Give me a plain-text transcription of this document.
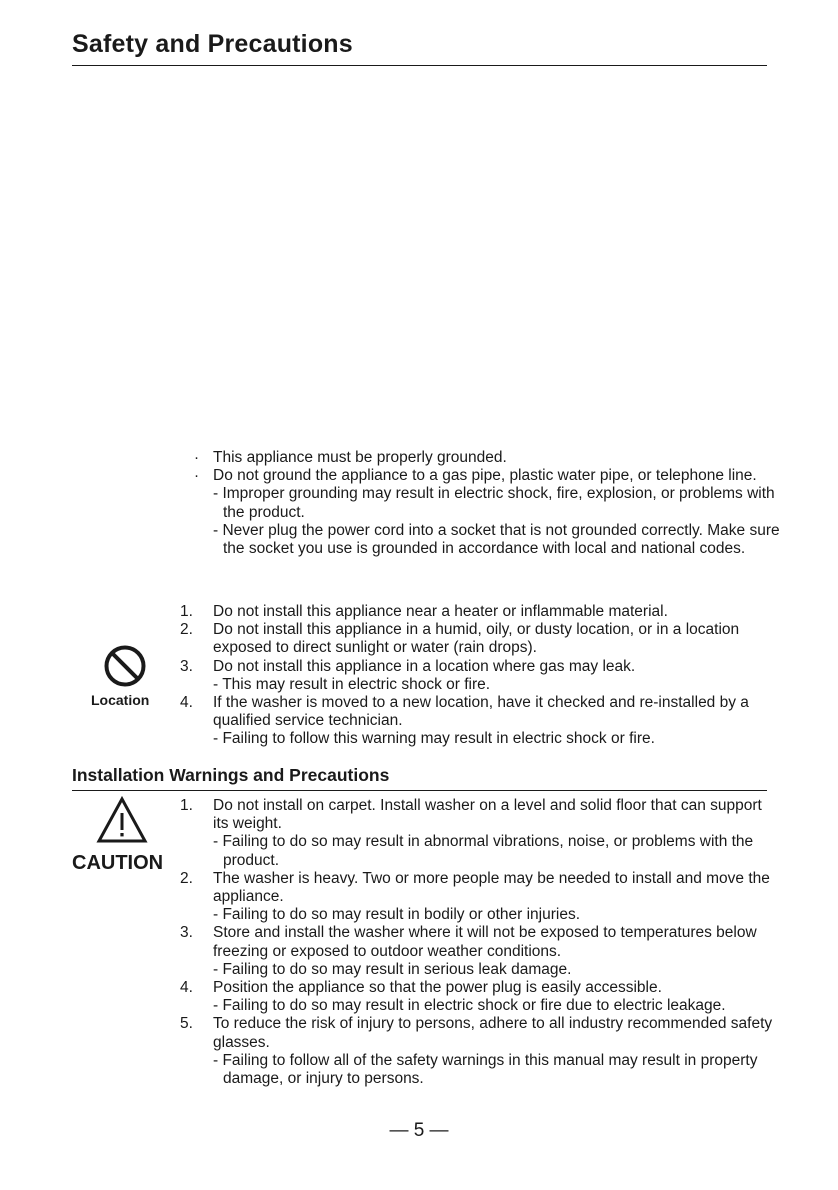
Safety and Precautions
. This appliance must be properly grounded.
. Do not ground the appliance to a gas pipe, plastic water pipe, or telephone line.
- Improper grounding may result in electric shock, fire, explosion, or problems with the product.
- Never plug the power cord into a socket that is not grounded correctly. Make sure the socket you use is grounded in accordance with local and national codes.
Location
1.	Do not install this appliance near a heater or inflammable material.
2.	Do not install this appliance in a humid, oily, or dusty location, or in a location exposed to direct sunlight or water (rain drops).
3.	Do not install this appliance in a location where gas may leak.
- This may result in electric shock or fire.
4.	If the washer is moved to a new location, have it checked and re-installed by a qualified service technician.
- Failing to follow this warning may result in electric shock or fire.
Installation Warnings and Precautions
CAUTION
1.	Do not install on carpet. Install washer on a level and solid floor that can support its weight.
- Failing to do so may result in abnormal vibrations, noise, or problems with the product.
2.	The washer is heavy. Two or more people may be needed to install and move the appliance.
- Failing to do so may result in bodily or other injuries.
3.	Store and install the washer where it will not be exposed to temperatures below freezing or exposed to outdoor weather conditions.
- Failing to do so may result in serious leak damage.
4.	Position the appliance so that the power plug is easily accessible.
- Failing to do so may result in electric shock or fire due to electric leakage.
5.	To reduce the risk of injury to persons, adhere to all industry recommended safety glasses.
- Failing to follow all of the safety warnings in this manual may result in property damage, or injury to persons.
— 5 —
